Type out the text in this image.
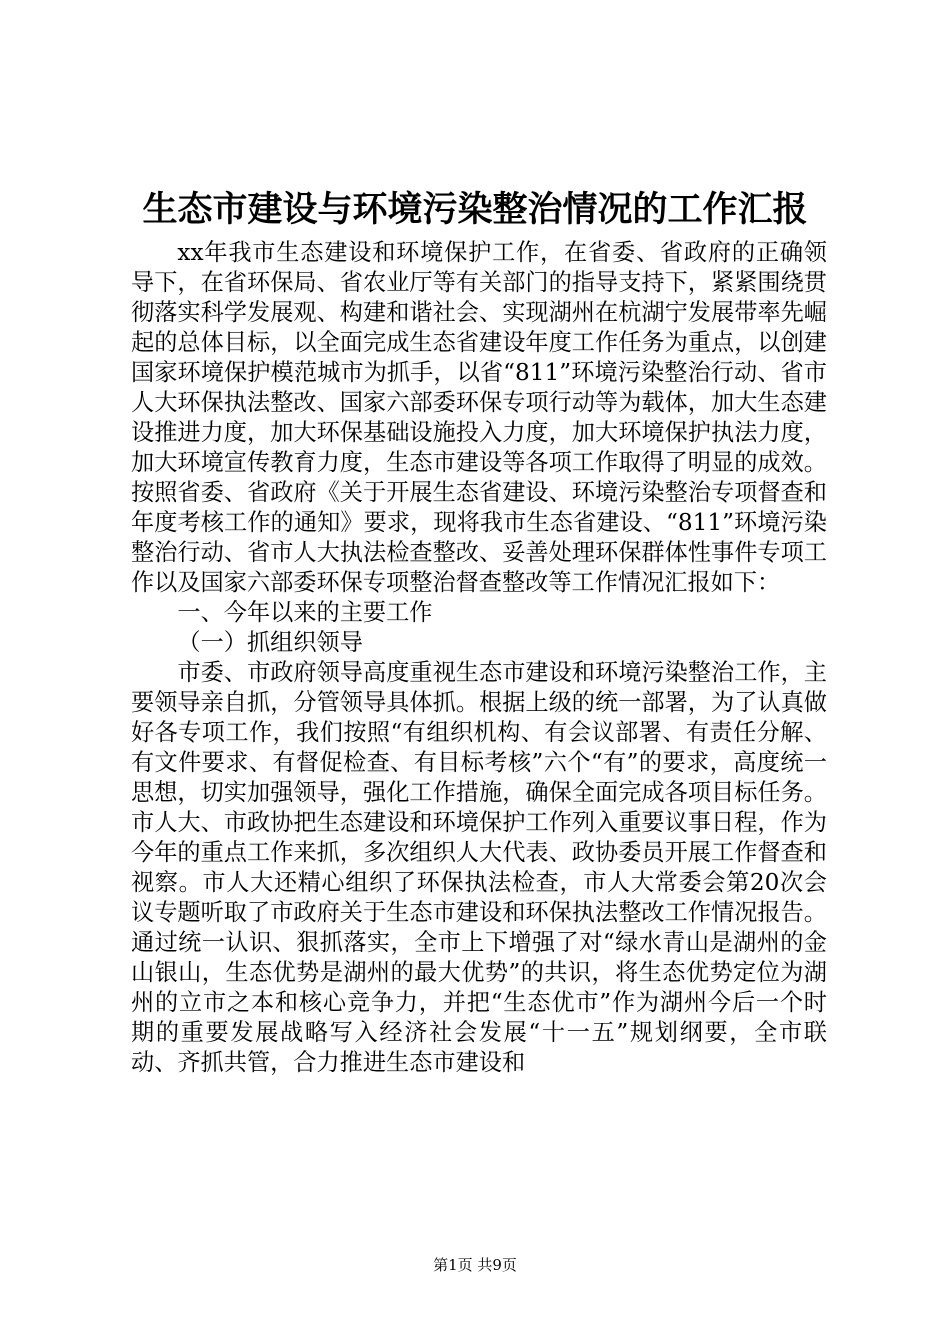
生态市建设与环境污染整治情况的工作汇报

xx年我市生态建设和环境保护工作，在省委、省政府的正确领导下，在省环保局、省农业厅等有关部门的指导支持下，紧紧围绕贯彻落实科学发展观、构建和谐社会、实现湖州在杭湖宁发展带率先崛起的总体目标，以全面完成生态省建设年度工作任务为重点，以创建国家环境保护模范城市为抓手，以省“811”环境污染整治行动、省市人大环保执法整改、国家六部委环保专项行动等为载体，加大生态建设推进力度，加大环保基础设施投入力度，加大环境保护执法力度，加大环境宣传教育力度，生态市建设等各项工作取得了明显的成效。按照省委、省政府《关于开展生态省建设、环境污染整治专项督查和年度考核工作的通知》要求，现将我市生态省建设、“811”环境污染整治行动、省市人大执法检查整改、妥善处理环保群体性事件专项工作以及国家六部委环保专项整治督查整改等工作情况汇报如下：

一、今年以来的主要工作

（一）抓组织领导

市委、市政府领导高度重视生态市建设和环境污染整治工作，主要领导亲自抓，分管领导具体抓。根据上级的统一部署，为了认真做好各专项工作，我们按照“有组织机构、有会议部署、有责任分解、有文件要求、有督促检查、有目标考核”六个“有”的要求，高度统一思想，切实加强领导，强化工作措施，确保全面完成各项目标任务。市人大、市政协把生态建设和环境保护工作列入重要议事日程，作为今年的重点工作来抓，多次组织人大代表、政协委员开展工作督查和视察。市人大还精心组织了环保执法检查，市人大常委会第20次会议专题听取了市政府关于生态市建设和环保执法整改工作情况报告。通过统一认识、狠抓落实，全市上下增强了对“绿水青山是湖州的金山银山，生态优势是湖州的最大优势”的共识，将生态优势定位为湖州的立市之本和核心竞争力，并把“生态优市”作为湖州今后一个时期的重要发展战略写入经济社会发展“十一五”规划纲要，全市联动、齐抓共管，合力推进生态市建设和

第1页 共9页
